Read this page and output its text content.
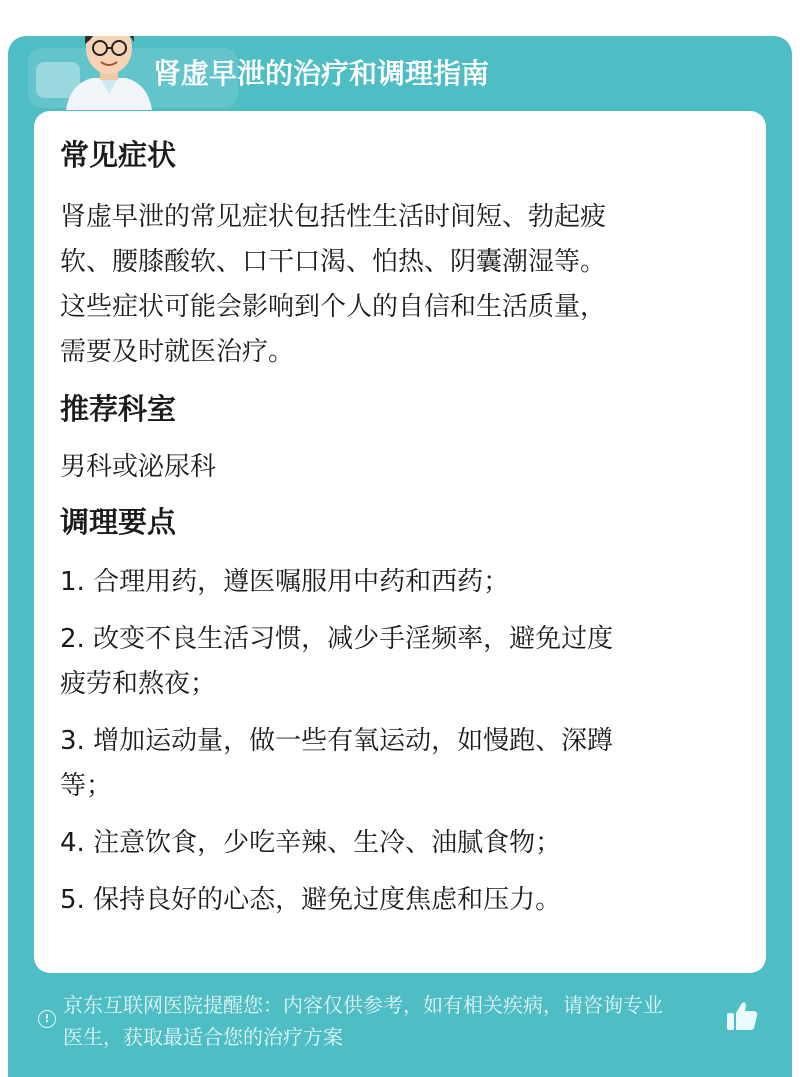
肾虚早泄的治疗和调理指南

常见症状

肾虚早泄的常见症状包括性生活时间短、勃起疲

软、腰膝酸软、口干口渴、怕热、阴囊潮湿等。

这些症状可能会影响到个人的自信和生活质量，

需要及时就医治疗。

推荐科室

男科或泌尿科

调理要点

1. 合理用药，遵医嘱服用中药和西药；

2. 改变不良生活习惯，减少手淫频率，避免过度

疲劳和熬夜；

3. 增加运动量，做一些有氧运动，如慢跑、深蹲

等；

4. 注意饮食，少吃辛辣、生冷、油腻食物；

5. 保持良好的心态，避免过度焦虑和压力。

!
京东互联网医院提醒您：内容仅供参考，如有相关疾病，请咨询专业
医生，获取最适合您的治疗方案
